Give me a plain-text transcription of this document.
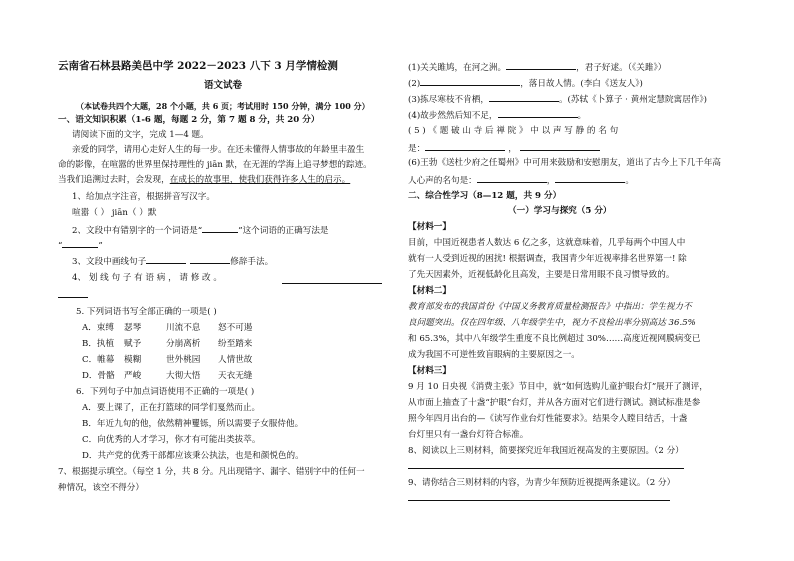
云南省石林县路美邑中学 2022－2023 八下 3 月学情检测
语文试卷
（本试卷共四个大题，28 个小题，共 6 页；考试用时 150 分钟，满分 100 分）
一、语文知识积累（1-6 题，每题 2 分，第 7 题 8 分，共 20 分）
请阅读下面的文字，完成 1—4 题。
亲爱的同学，请用心走好人生的每一步。在还未懂得人情事故的年龄里丰盈生
命的影像，在喧嚣的世界里保持理性的 jiān 默，在无涯的学海上追寻梦想的踪迹。
当我们追溯过去时，会发现，在成长的故事里，使我们获得许多人生的启示。
1、给加点字注音，根据拼音写汉字。
喧嚣（ ） jiān（ ）默
2、文段中有错别字的一个词语是“	”这个词语的正确写法是
“	”
3、文段中画线句子	修辞手法。
4、 划 线 句 子 有 语 病 ， 请 修 改 。
5. 下列词语书写全部正确的一项是( )
A．束缚 瑟琴	川流不息 怒不可遏
B．执植 赋予	分崩离析 纷至踏来
C．帷幕 模糊	世外桃园 人情世故
D．骨骼 严峻	大彻大悟 天衣无缝
6．下列句子中加点词语使用不正确的一项是( )
A．要上课了，正在打篮球的同学们戛然而止。
B．年近九旬的他，依然精神矍铄，所以需要子女服侍他。
C．向优秀的人才学习，你才有可能出类拔萃。
D．共产党的优秀干部都应该秉公执法，也是和颜悦色的。
7、根据提示填空。（每空 1 分，共 8 分。凡出现错字、漏字、错别字中的任何一
种情况，该空不得分）
(1)关关雎鸠，在河之洲。	，君子好逑。（《关雎》）
(2)	，落日故人情。(李白《送友人》)
(3)拣尽寒枝不肯栖，	。(苏轼《卜算子 · 黄州定慧院寓居作》)
(4)故步然然后知不足，	。
( 5 ) 《 题 破 山 寺 后 禅 院 》 中 以 声 写 静 的 名 句
是：	，
(6)王勃《送杜少府之任蜀州》中可用来鼓励和安慰朋友，道出了古今上下几千年高
人心声的名句是：	，	。
二、综合性学习（8—12 题，共 9 分）
（一）学习与探究（5 分）
【材料一】
目前，中国近视患者人数达 6 亿之多，这就意味着，几乎每两个中国人中
就有一人受到近视的困扰! 根据调查，我国青少年近视率排名世界第一! 除
了先天因素外，近视低龄化且高发，主要是日常用眼不良习惯导致的。
【材料二】
教育部发布的我国首份《中国义务教育质量检测报告》中指出：学生视力不
良问题突出。仅在四年级、八年级学生中，视力不良检出率分别高达 36.5%
和 65.3%，其中八年级学生重度不良比例超过 30%……高度近视网膜病变已
成为我国不可逆性致盲眼病的主要原因之一。
【材料三】
9 月 10 日央视《消费主张》节目中，就“如何选购儿童护眼台灯”展开了测评，
从市面上抽查了十盏“护眼”台灯，并从各方面对它们进行测试。测试标准是参
照今年四月出台的—《读写作业台灯性能要求》。结果令人瞠目结舌，十盏
台灯里只有一盏台灯符合标准。
8、阅读以上三则材料，简要探究近年我国近视高发的主要原因。（2 分）
9、请你结合三则材料的内容，为青少年预防近视提两条建议。（2 分）
